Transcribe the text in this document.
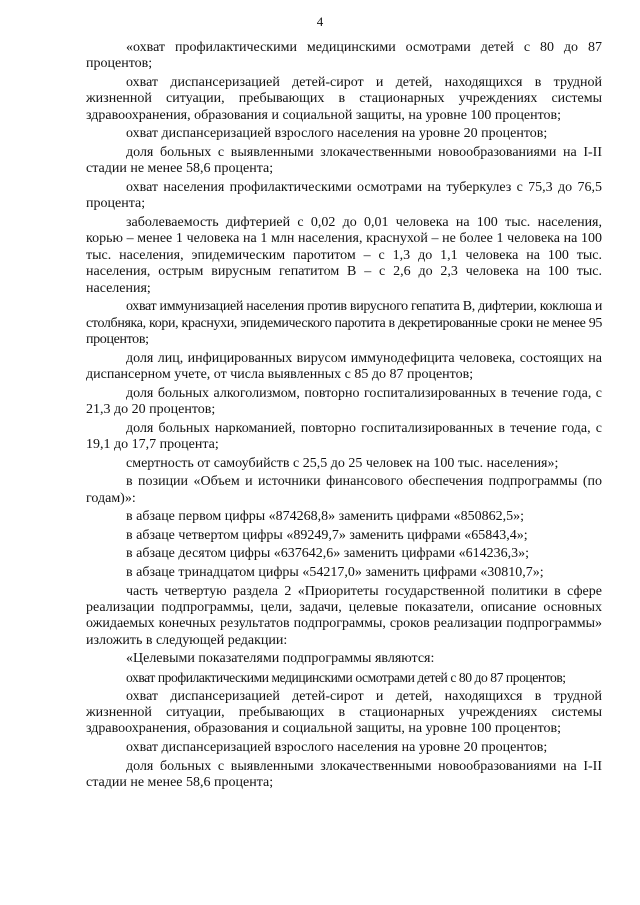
4

«охват профилактическими медицинскими осмотрами детей с 80 до 87 процентов;

охват диспансеризацией детей-сирот и детей, находящихся в трудной жизненной ситуации, пребывающих в стационарных учреждениях системы здравоохранения, образования и социальной защиты, на уровне 100 процентов;

охват диспансеризацией взрослого населения на уровне 20 процентов;

доля больных с выявленными злокачественными новообразованиями на I-II стадии не менее 58,6 процента;

охват населения профилактическими осмотрами на туберкулез с 75,3 до 76,5 процента;

заболеваемость дифтерией с 0,02 до 0,01 человека на 100 тыс. населения, корью – менее 1 человека на 1 млн населения, краснухой – не более 1 человека на 100 тыс. населения, эпидемическим паротитом – с 1,3 до 1,1 человека на 100 тыс. населения, острым вирусным гепатитом В – с 2,6 до 2,3 человека на 100 тыс. населения;

охват иммунизацией населения против вирусного гепатита В, дифтерии, коклюша и столбняка, кори, краснухи, эпидемического паротита в декретированные сроки не менее 95 процентов;

доля лиц, инфицированных вирусом иммунодефицита человека, состоящих на диспансерном учете, от числа выявленных с 85 до 87 процентов;

доля больных алкоголизмом, повторно госпитализированных в течение года, с 21,3 до 20 процентов;

доля больных наркоманией, повторно госпитализированных в течение года, с 19,1 до 17,7 процента;

смертность от самоубийств с 25,5 до 25 человек на 100 тыс. населения»;

в позиции «Объем и источники финансового обеспечения подпрограммы (по годам)»:

в абзаце первом цифры «874268,8» заменить цифрами «850862,5»;

в абзаце четвертом цифры «89249,7» заменить цифрами «65843,4»;

в абзаце десятом цифры «637642,6» заменить цифрами «614236,3»;

в абзаце тринадцатом цифры «54217,0» заменить цифрами «30810,7»;

часть четвертую раздела 2 «Приоритеты государственной политики в сфере реализации подпрограммы, цели, задачи, целевые показатели, описание основных ожидаемых конечных результатов подпрограммы, сроков реализации подпрограммы» изложить в следующей редакции:

«Целевыми показателями подпрограммы являются:

охват профилактическими медицинскими осмотрами детей с 80 до 87 процентов;

охват диспансеризацией детей-сирот и детей, находящихся в трудной жизненной ситуации, пребывающих в стационарных учреждениях системы здравоохранения, образования и социальной защиты, на уровне 100 процентов;

охват диспансеризацией взрослого населения на уровне 20 процентов;

доля больных с выявленными злокачественными новообразованиями на I-II стадии не менее 58,6 процента;
